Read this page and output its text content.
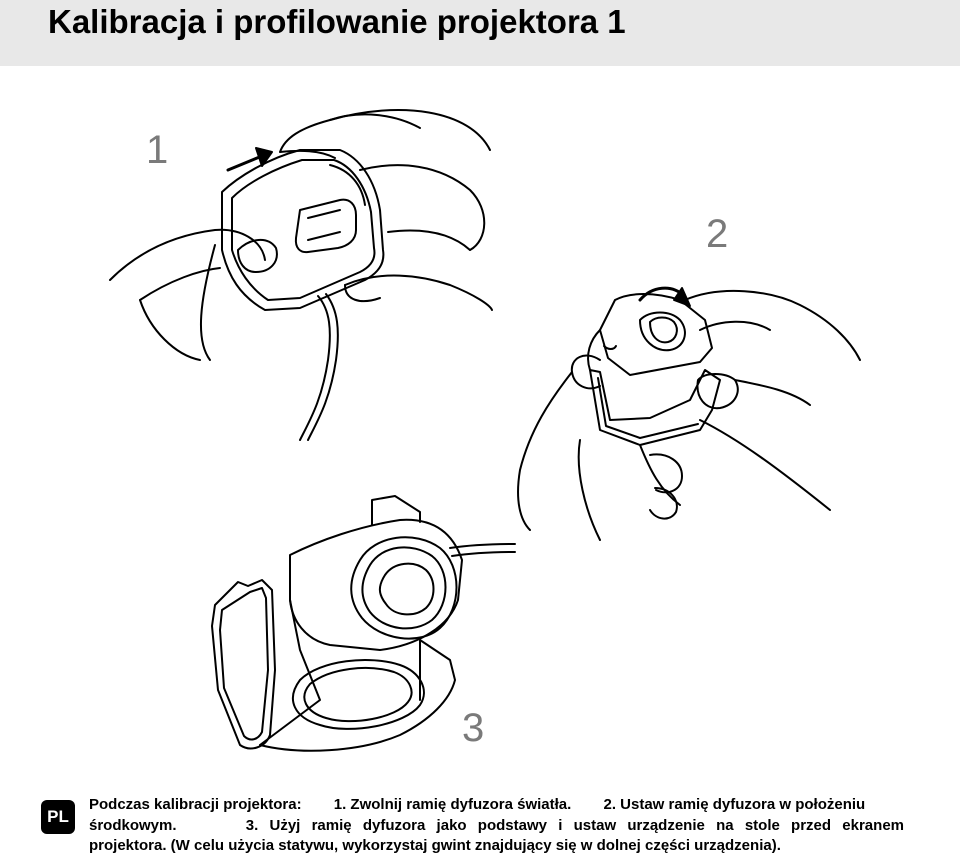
Kalibracja i profilowanie projektora 1
1
2
3
PL
Podczas kalibracji projektora: 1. Zwolnij ramię dyfuzora światła. 2. Ustaw ramię dyfuzora w położeniu
środkowym.	3. Użyj ramię dyfuzora jako podstawy i ustaw urządzenie na stole przed ekranem
projektora. (W celu użycia statywu, wykorzystaj gwint znajdujący się w dolnej części urządzenia).
